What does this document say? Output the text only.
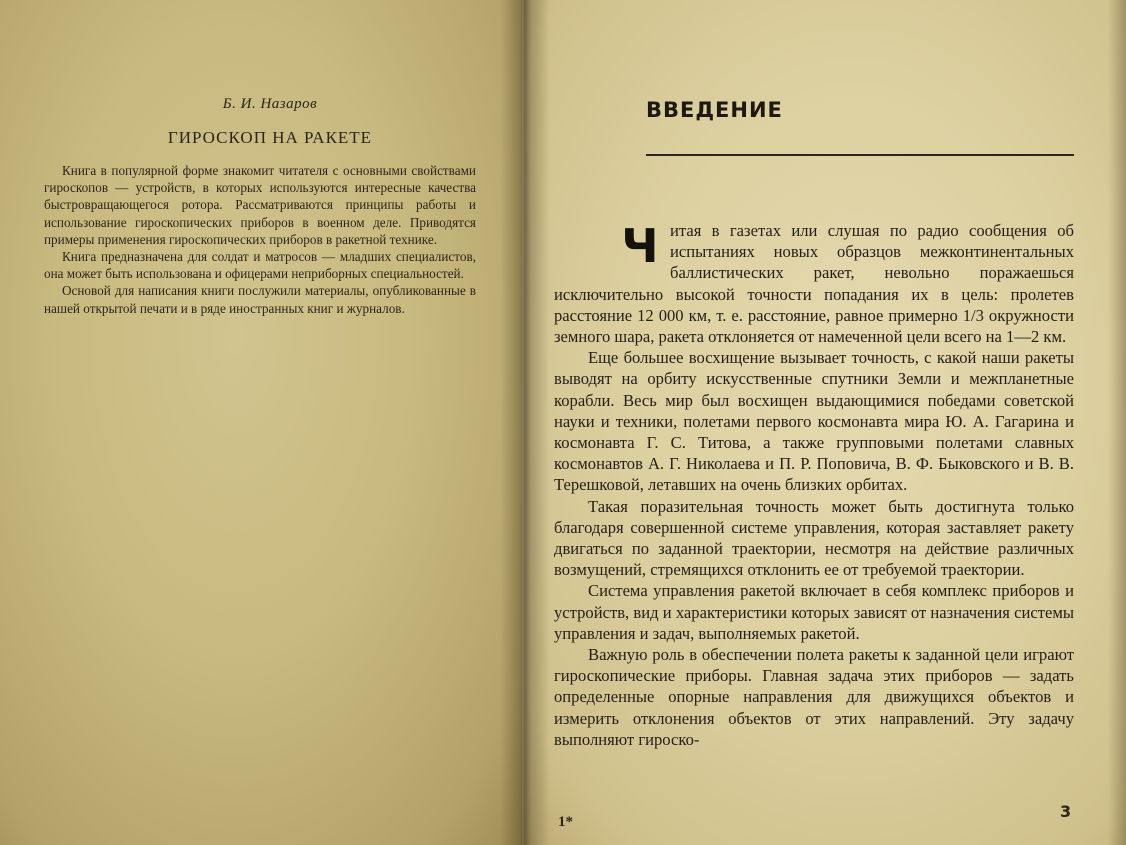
Б. И. Назаров
ГИРОСКОП НА РАКЕТЕ

Книга в популярной форме знакомит читателя с основными свойствами гироскопов — устройств, в которых используются интересные качества быстровращающегося ротора. Рассматриваются принципы работы и использование гироскопических приборов в военном деле. Приводятся примеры применения гироскопических приборов в ракетной технике.

Книга предназначена для солдат и матросов — младших специалистов, она может быть использована и офицерами неприборных специальностей.

Основой для написания книги послужили материалы, опубликованные в нашей открытой печати и в ряде иностранных книг и журналов.

ВВЕДЕНИЕ

Ч итая в газетах или слушая по радио сообщения об испытаниях новых образцов межконтинентальных баллистических ракет, невольно поражаешься исключительно высокой точности попадания их в цель: пролетев расстояние 12 000 км, т. е. расстояние, равное примерно 1/3 окружности земного шара, ракета отклоняется от намеченной цели всего на 1—2 км.

Еще большее восхищение вызывает точность, с какой наши ракеты выводят на орбиту искусственные спутники Земли и межпланетные корабли. Весь мир был восхищен выдающимися победами советской науки и техники, полетами первого космонавта мира Ю. А. Гагарина и космонавта Г. С. Титова, а также групповыми полетами славных космонавтов А. Г. Николаева и П. Р. Поповича, В. Ф. Быковского и В. В. Терешковой, летавших на очень близких орбитах.

Такая поразительная точность может быть достигнута только благодаря совершенной системе управления, которая заставляет ракету двигаться по заданной траектории, несмотря на действие различных возмущений, стремящихся отклонить ее от требуемой траектории.

Система управления ракетой включает в себя комплекс приборов и устройств, вид и характеристики которых зависят от назначения системы управления и задач, выполняемых ракетой.

Важную роль в обеспечении полета ракеты к заданной цели играют гироскопические приборы. Главная задача этих приборов — задать определенные опорные направления для движущихся объектов и измерить отклонения объектов от этих направлений. Эту задачу выполняют гироско-

1*
3
